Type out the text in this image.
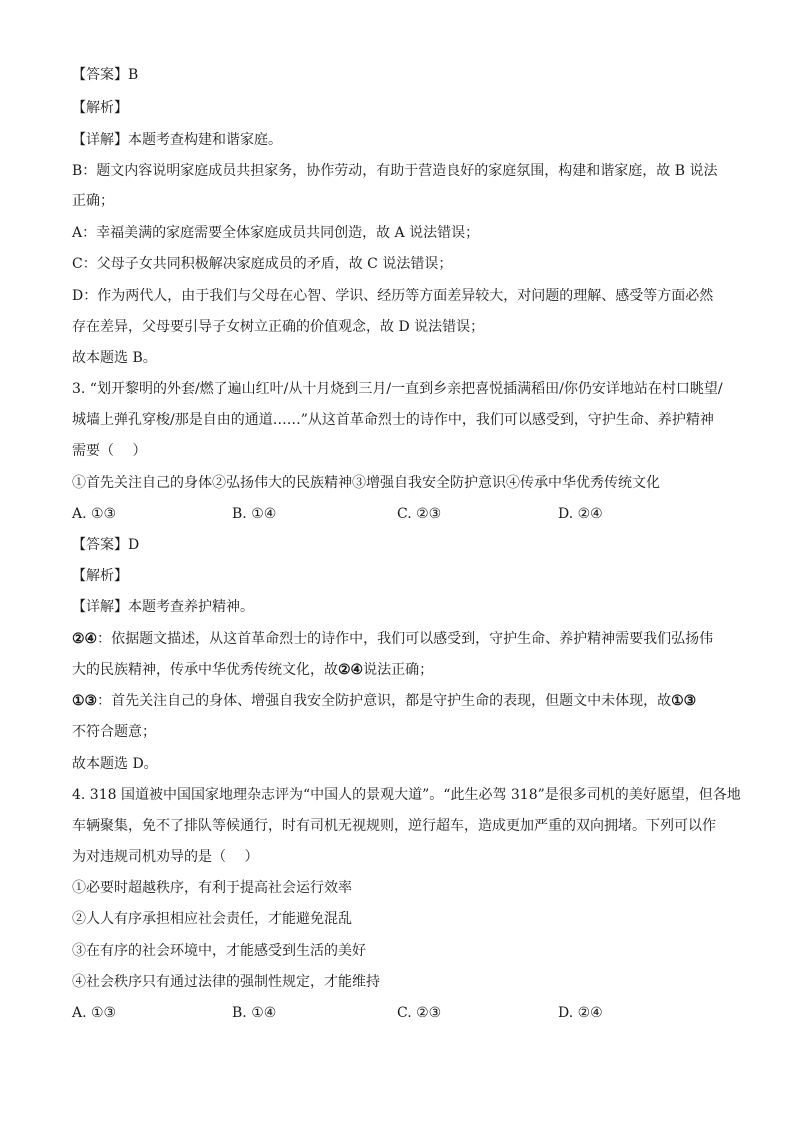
【答案】B
【解析】
【详解】本题考查构建和谐家庭。
B：题文内容说明家庭成员共担家务，协作劳动，有助于营造良好的家庭氛围，构建和谐家庭，故 B 说法
正确；
A：幸福美满的家庭需要全体家庭成员共同创造，故 A 说法错误；
C：父母子女共同积极解决家庭成员的矛盾，故 C 说法错误；
D：作为两代人，由于我们与父母在心智、学识、经历等方面差异较大，对问题的理解、感受等方面必然
存在差异，父母要引导子女树立正确的价值观念，故 D 说法错误；
故本题选 B。
3. “划开黎明的外套/燃了遍山红叶/从十月烧到三月/一直到乡亲把喜悦插满稻田/你仍安详地站在村口眺望/
城墙上弹孔穿梭/那是自由的通道……”从这首革命烈士的诗作中，我们可以感受到，守护生命、养护精神
需要（　 ）
①首先关注自己的身体②弘扬伟大的民族精神③增强自我安全防护意识④传承中华优秀传统文化
A. ①③	B. ①④	C. ②③	D. ②④
【答案】D
【解析】
【详解】本题考查养护精神。
②④：依据题文描述，从这首革命烈士的诗作中，我们可以感受到，守护生命、养护精神需要我们弘扬伟
大的民族精神，传承中华优秀传统文化，故②④说法正确；
①③：首先关注自己的身体、增强自我安全防护意识，都是守护生命的表现，但题文中未体现，故①③
不符合题意；
故本题选 D。
4. 318 国道被中国国家地理杂志评为“中国人的景观大道”。“此生必驾 318”是很多司机的美好愿望，但各地
车辆聚集，免不了排队等候通行，时有司机无视规则，逆行超车，造成更加严重的双向拥堵。下列可以作
为对违规司机劝导的是（　 ）
①必要时超越秩序，有利于提高社会运行效率
②人人有序承担相应社会责任，才能避免混乱
③在有序的社会环境中，才能感受到生活的美好
④社会秩序只有通过法律的强制性规定，才能维持
A. ①③	B. ①④	C. ②③	D. ②④
